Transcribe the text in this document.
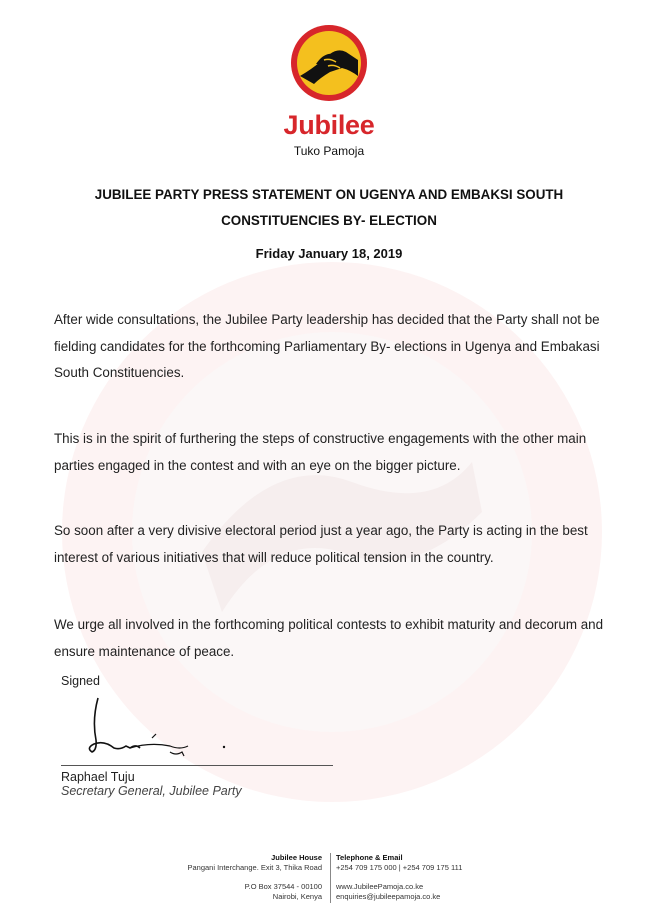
Jubilee
Tuko Pamoja
JUBILEE PARTY PRESS STATEMENT ON UGENYA AND EMBAKSI SOUTH
CONSTITUENCIES BY- ELECTION
Friday January 18, 2019
After wide consultations, the Jubilee Party leadership has decided that the Party shall not be fielding candidates for the forthcoming Parliamentary By- elections in Ugenya and Embakasi South Constituencies.
This is in the spirit of furthering the steps of constructive engagements with the other main parties engaged in the contest and with an eye on the bigger picture.
So soon after a very divisive electoral period just a year ago, the Party is acting in the best interest of various initiatives that will reduce political tension in the country.
We urge all involved in the forthcoming political contests to exhibit maturity and decorum and ensure maintenance of peace.
Signed
Raphael Tuju
Secretary General, Jubilee Party
Jubilee House
Pangani Interchange. Exit 3, Thika Road
P.O Box 37544 - 00100
Nairobi, Kenya
Telephone & Email
+254 709 175 000 | +254 709 175 111
www.JubileePamoja.co.ke
enquiries@jubileepamoja.co.ke
